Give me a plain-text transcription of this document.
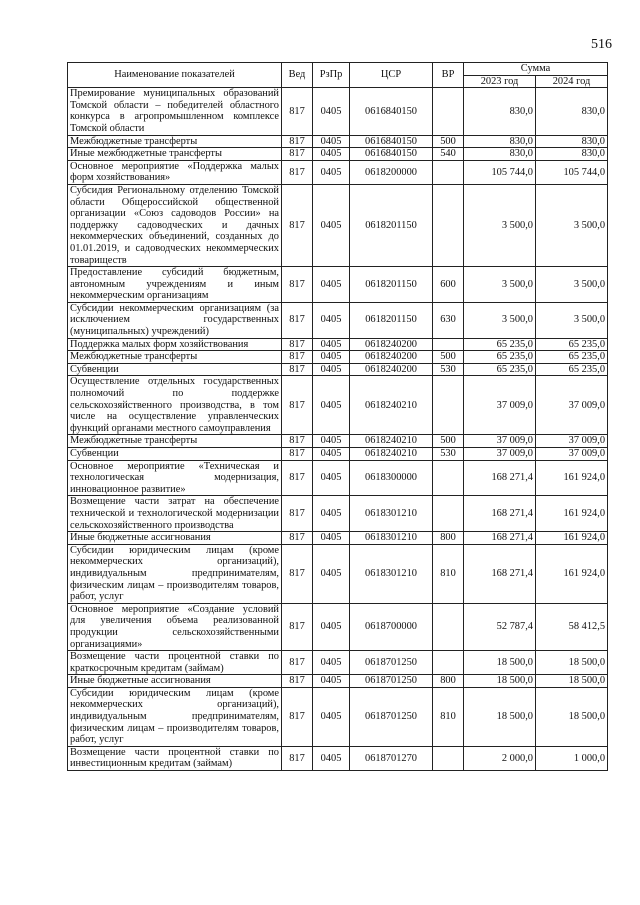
516
Наименование показателей	Вед	РзПр	ЦСР	ВР	Сумма	
					2023 год	2024 год
Премирование муниципальных образований Томской области – победителей областного конкурса в агропромышленном комплексе Томской области	817	0405	0616840150		830,0	830,0
Межбюджетные трансферты	817	0405	0616840150	500	830,0	830,0
Иные межбюджетные трансферты	817	0405	0616840150	540	830,0	830,0
Основное мероприятие «Поддержка малых форм хозяйствования»	817	0405	0618200000		105 744,0	105 744,0
Субсидия Региональному отделению Томской области Общероссийской общественной организации «Союз садоводов России» на поддержку садоводческих и дачных некоммерческих объединений, созданных до 01.01.2019, и садоводческих некоммерческих товариществ	817	0405	0618201150		3 500,0	3 500,0
Предоставление субсидий бюджетным, автономным учреждениям и иным некоммерческим организациям	817	0405	0618201150	600	3 500,0	3 500,0
Субсидии некоммерческим организациям (за исключением государственных (муниципальных) учреждений)	817	0405	0618201150	630	3 500,0	3 500,0
Поддержка малых форм хозяйствования	817	0405	0618240200		65 235,0	65 235,0
Межбюджетные трансферты	817	0405	0618240200	500	65 235,0	65 235,0
Субвенции	817	0405	0618240200	530	65 235,0	65 235,0
Осуществление отдельных государственных полномочий по поддержке сельскохозяйственного производства, в том числе на осуществление управленческих функций органами местного самоуправления	817	0405	0618240210		37 009,0	37 009,0
Межбюджетные трансферты	817	0405	0618240210	500	37 009,0	37 009,0
Субвенции	817	0405	0618240210	530	37 009,0	37 009,0
Основное мероприятие «Техническая и технологическая модернизация, инновационное развитие»	817	0405	0618300000		168 271,4	161 924,0
Возмещение части затрат на обеспечение технической и технологической модернизации сельскохозяйственного производства	817	0405	0618301210		168 271,4	161 924,0
Иные бюджетные ассигнования	817	0405	0618301210	800	168 271,4	161 924,0
Субсидии юридическим лицам (кроме некоммерческих организаций), индивидуальным предпринимателям, физическим лицам – производителям товаров, работ, услуг	817	0405	0618301210	810	168 271,4	161 924,0
Основное мероприятие «Создание условий для увеличения объема реализованной продукции сельскохозяйственными организациями»	817	0405	0618700000		52 787,4	58 412,5
Возмещение части процентной ставки по краткосрочным кредитам (займам)	817	0405	0618701250		18 500,0	18 500,0
Иные бюджетные ассигнования	817	0405	0618701250	800	18 500,0	18 500,0
Субсидии юридическим лицам (кроме некоммерческих организаций), индивидуальным предпринимателям, физическим лицам – производителям товаров, работ, услуг	817	0405	0618701250	810	18 500,0	18 500,0
Возмещение части процентной ставки по инвестиционным кредитам (займам)	817	0405	0618701270		2 000,0	1 000,0
